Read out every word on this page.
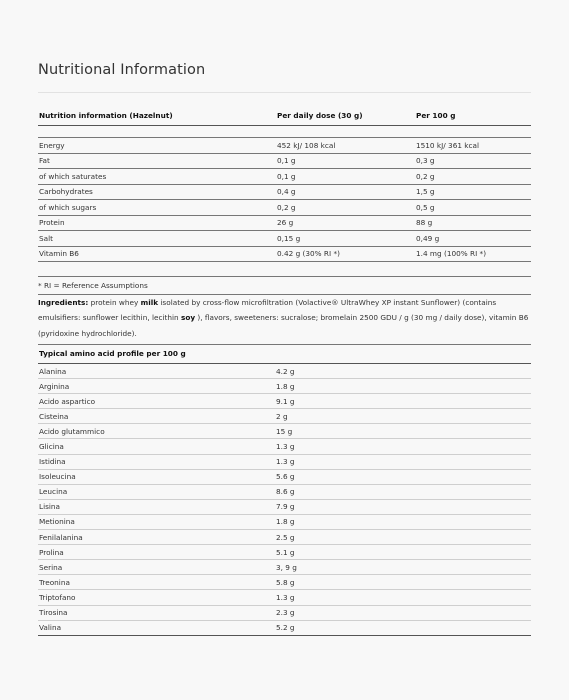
Nutritional Information
Nutrition information (Hazelnut)	Per daily dose (30 g)	Per 100 g

Energy	452 kJ/ 108 kcal	1510 kJ/ 361 kcal
Fat	0,1 g	0,3 g
of which saturates	0,1 g	0,2 g
Carbohydrates	0,4 g	1,5 g
of which sugars	0,2 g	0,5 g
Protein	26 g	88 g
Salt	0,15 g	0,49 g
Vitamin B6	0.42 g (30% RI *)	1.4 mg (100% RI *)

* RI = Reference Assumptions

Ingredients: protein whey milk isolated by cross-flow microfiltration (Volactive® UltraWhey XP instant Sunflower) (contains emulsifiers: sunflower lecithin, lecithin soy ), flavors, sweeteners: sucralose; bromelain 2500 GDU / g (30 mg / daily dose), vitamin B6 (pyridoxine hydrochloride).

Typical amino acid profile per 100 g
Alanina	4.2 g
Arginina	1.8 g
Acido aspartico	9.1 g
Cisteina	2 g
Acido glutammico	15 g
Glicina	1.3 g
Istidina	1.3 g
Isoleucina	5.6 g
Leucina	8.6 g
Lisina	7.9 g
Metionina	1.8 g
Fenilalanina	2.5 g
Prolina	5.1 g
Serina	3, 9 g
Treonina	5.8 g
Triptofano	1.3 g
Tirosina	2.3 g
Valina	5.2 g
